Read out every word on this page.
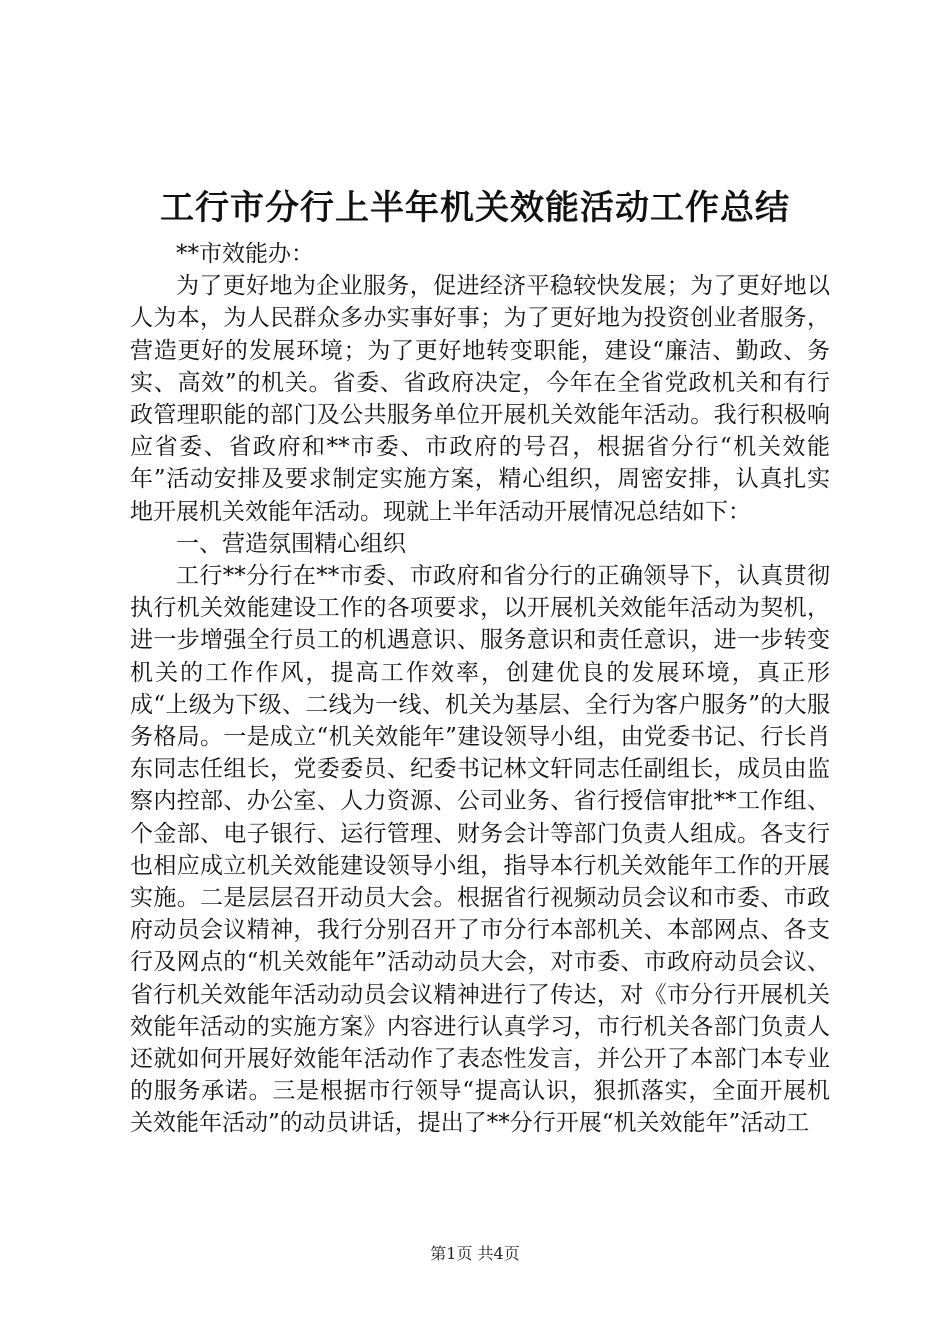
工行市分行上半年机关效能活动工作总结

**市效能办：

为了更好地为企业服务，促进经济平稳较快发展；为了更好地以人为本，为人民群众多办实事好事；为了更好地为投资创业者服务，营造更好的发展环境；为了更好地转变职能，建设“廉洁、勤政、务实、高效”的机关。省委、省政府决定，今年在全省党政机关和有行政管理职能的部门及公共服务单位开展机关效能年活动。我行积极响应省委、省政府和**市委、市政府的号召，根据省分行“机关效能年”活动安排及要求制定实施方案，精心组织，周密安排，认真扎实地开展机关效能年活动。现就上半年活动开展情况总结如下：

一、营造氛围精心组织

工行**分行在**市委、市政府和省分行的正确领导下，认真贯彻执行机关效能建设工作的各项要求，以开展机关效能年活动为契机，进一步增强全行员工的机遇意识、服务意识和责任意识，进一步转变机关的工作作风，提高工作效率，创建优良的发展环境，真正形成“上级为下级、二线为一线、机关为基层、全行为客户服务”的大服务格局。一是成立“机关效能年”建设领导小组，由党委书记、行长肖东同志任组长，党委委员、纪委书记林文轩同志任副组长，成员由监察内控部、办公室、人力资源、公司业务、省行授信审批**工作组、个金部、电子银行、运行管理、财务会计等部门负责人组成。各支行也相应成立机关效能建设领导小组，指导本行机关效能年工作的开展实施。二是层层召开动员大会。根据省行视频动员会议和市委、市政府动员会议精神，我行分别召开了市分行本部机关、本部网点、各支行及网点的“机关效能年”活动动员大会，对市委、市政府动员会议、省行机关效能年活动动员会议精神进行了传达，对《市分行开展机关效能年活动的实施方案》内容进行认真学习，市行机关各部门负责人还就如何开展好效能年活动作了表态性发言，并公开了本部门本专业的服务承诺。三是根据市行领导“提高认识，狠抓落实，全面开展机关效能年活动”的动员讲话，提出了**分行开展“机关效能年”活动工

第1页 共4页
